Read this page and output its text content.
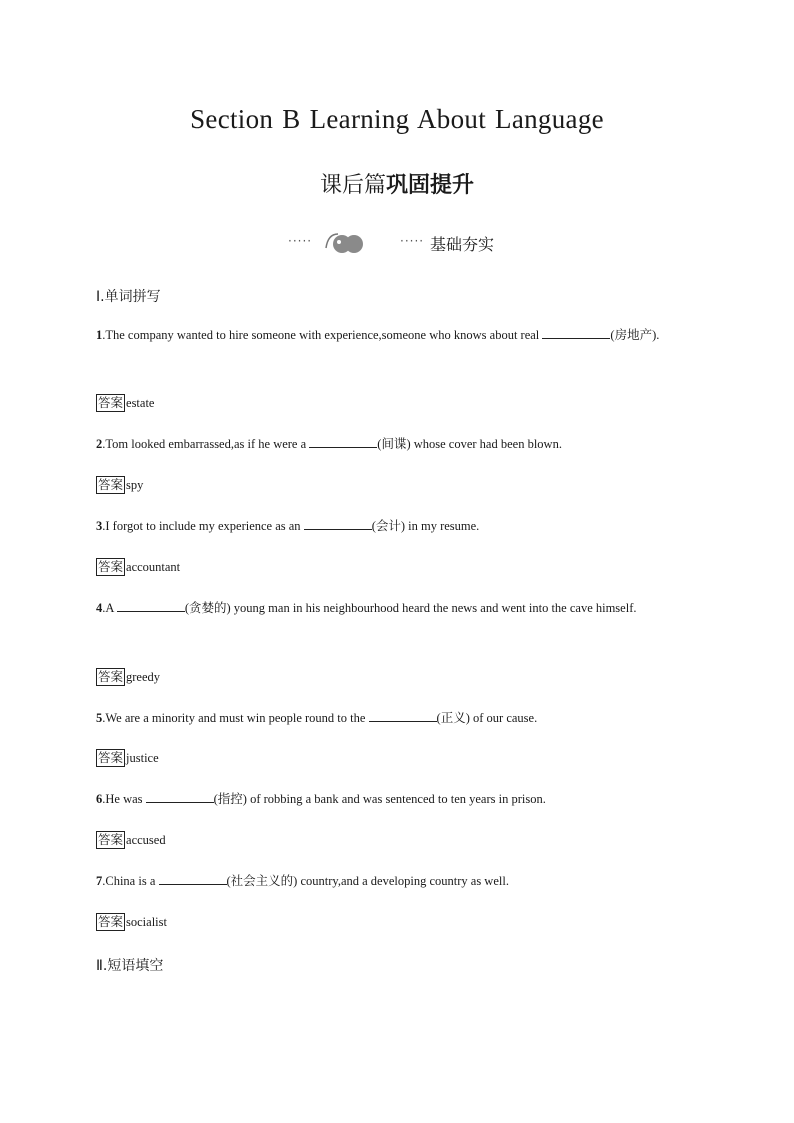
Section B Learning About Language
课后篇巩固提升
·····	····· 基础夯实
Ⅰ.单词拼写
1.The company wanted to hire someone with experience,someone who knows about real	(房地产).
答案 estate
2.Tom looked embarrassed,as if he were a	(间谍) whose cover had been blown.
答案 spy
3.I forgot to include my experience as an	(会计) in my resume.
答案 accountant
4.A	(贪婪的) young man in his neighbourhood heard the news and went into the cave himself.
答案 greedy
5.We are a minority and must win people round to the	(正义) of our cause.
答案 justice
6.He was	(指控) of robbing a bank and was sentenced to ten years in prison.
答案 accused
7.China is a	(社会主义的) country,and a developing country as well.
答案 socialist
Ⅱ.短语填空
